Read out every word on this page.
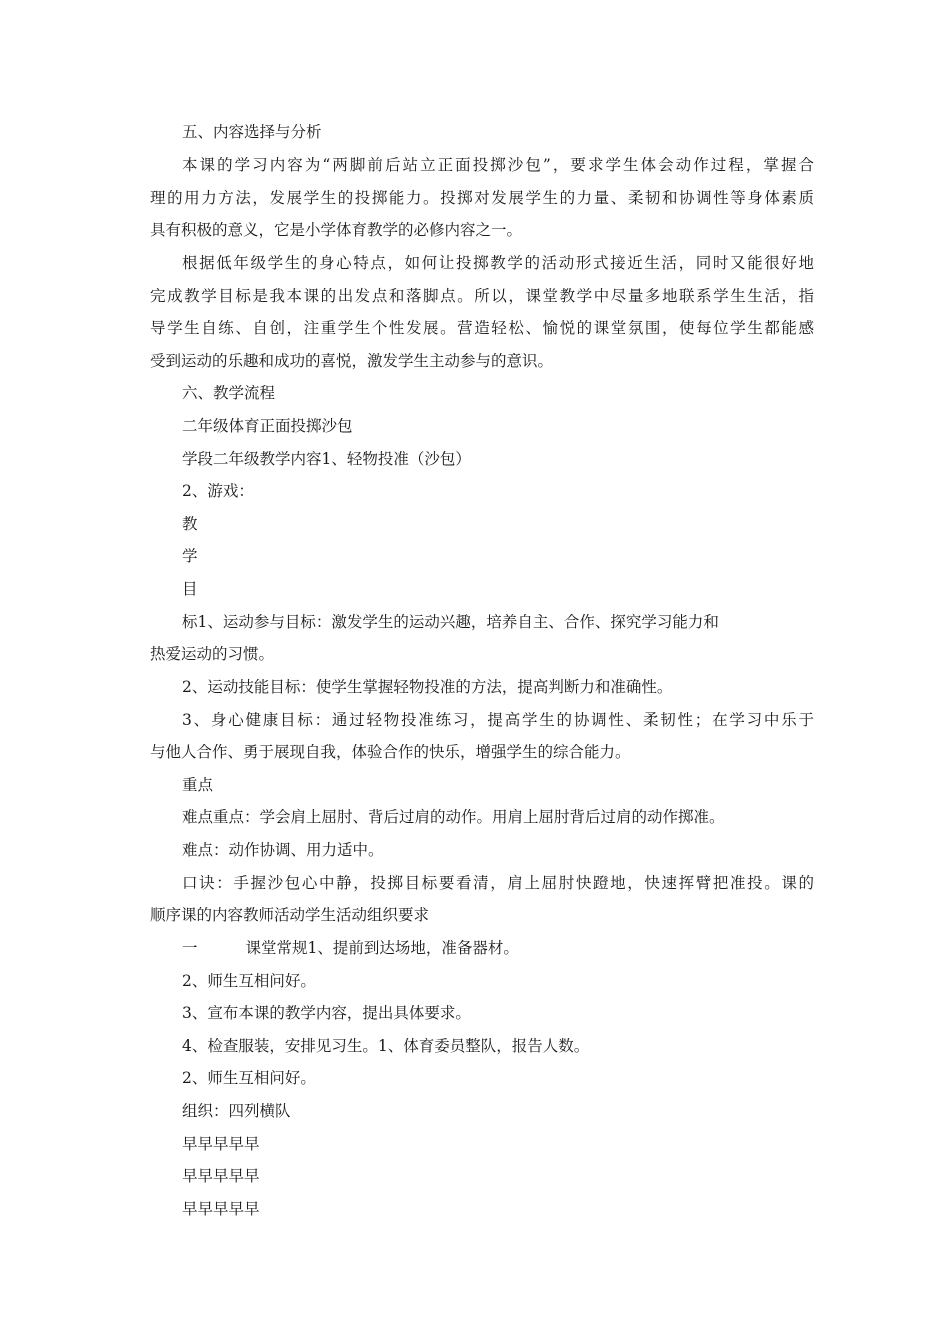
五、内容选择与分析
本课的学习内容为“两脚前后站立正面投掷沙包”，要求学生体会动作过程，掌握合
理的用力方法，发展学生的投掷能力。投掷对发展学生的力量、柔韧和协调性等身体素质
具有积极的意义，它是小学体育教学的必修内容之一。
根据低年级学生的身心特点，如何让投掷教学的活动形式接近生活，同时又能很好地
完成教学目标是我本课的出发点和落脚点。所以，课堂教学中尽量多地联系学生生活，指
导学生自练、自创，注重学生个性发展。营造轻松、愉悦的课堂氛围，使每位学生都能感
受到运动的乐趣和成功的喜悦，激发学生主动参与的意识。
六、教学流程
二年级体育正面投掷沙包
学段二年级教学内容1、轻物投准（沙包）
2、游戏：
教
学
目
标1、运动参与目标：激发学生的运动兴趣，培养自主、合作、探究学习能力和
热爱运动的习惯。
2、运动技能目标：使学生掌握轻物投准的方法，提高判断力和准确性。
3、身心健康目标：通过轻物投准练习，提高学生的协调性、柔韧性；在学习中乐于
与他人合作、勇于展现自我，体验合作的快乐，增强学生的综合能力。
重点
难点重点：学会肩上屈肘、背后过肩的动作。用肩上屈肘背后过肩的动作掷准。
难点：动作协调、用力适中。
口诀：手握沙包心中静，投掷目标要看清，肩上屈肘快蹬地，快速挥臂把准投。课的
顺序课的内容教师活动学生活动组织要求
一	课堂常规1、提前到达场地，准备器材。
2、师生互相问好。
3、宣布本课的教学内容，提出具体要求。
4、检查服装，安排见习生。1、体育委员整队，报告人数。
2、师生互相问好。
组织：四列横队
早早早早早
早早早早早
早早早早早
